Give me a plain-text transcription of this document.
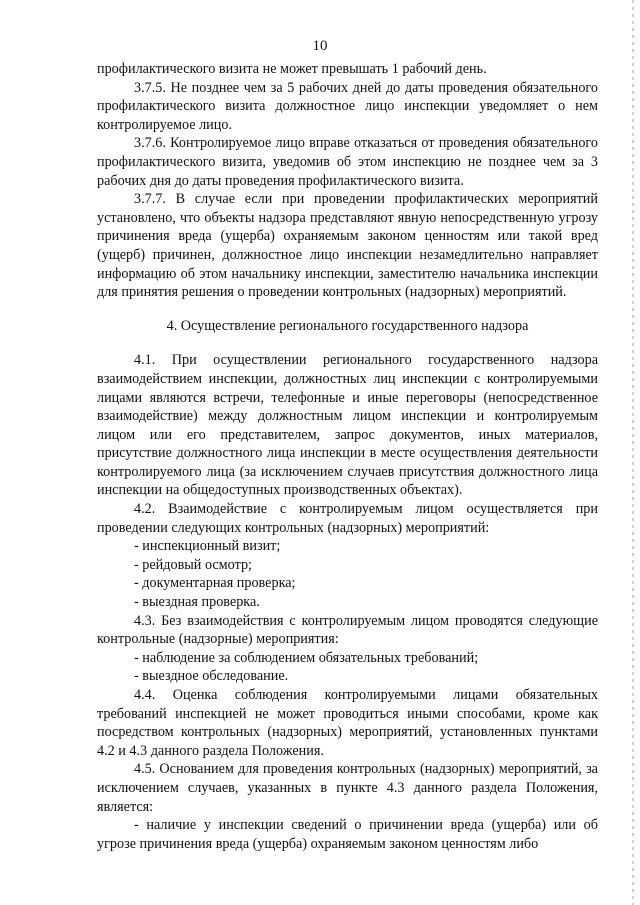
10

профилактического визита не может превышать 1 рабочий день.

3.7.5. Не позднее чем за 5 рабочих дней до даты проведения обязательного профилактического визита должностное лицо инспекции уведомляет о нем контролируемое лицо.

3.7.6. Контролируемое лицо вправе отказаться от проведения обязательного профилактического визита, уведомив об этом инспекцию не позднее чем за 3 рабочих дня до даты проведения профилактического визита.

3.7.7. В случае если при проведении профилактических мероприятий установлено, что объекты надзора представляют явную непосредственную угрозу причинения вреда (ущерба) охраняемым законом ценностям или такой вред (ущерб) причинен, должностное лицо инспекции незамедлительно направляет информацию об этом начальнику инспекции, заместителю начальника инспекции для принятия решения о проведении контрольных (надзорных) мероприятий.

4. Осуществление регионального государственного надзора

4.1. При осуществлении регионального государственного надзора взаимодействием инспекции, должностных лиц инспекции с контролируемыми лицами являются встречи, телефонные и иные переговоры (непосредственное взаимодействие) между должностным лицом инспекции и контролируемым лицом или его представителем, запрос документов, иных материалов, присутствие должностного лица инспекции в месте осуществления деятельности контролируемого лица (за исключением случаев присутствия должностного лица инспекции на общедоступных производственных объектах).

4.2. Взаимодействие с контролируемым лицом осуществляется при проведении следующих контрольных (надзорных) мероприятий:

- инспекционный визит;

- рейдовый осмотр;

- документарная проверка;

- выездная проверка.

4.3. Без взаимодействия с контролируемым лицом проводятся следующие контрольные (надзорные) мероприятия:

- наблюдение за соблюдением обязательных требований;

- выездное обследование.

4.4. Оценка соблюдения контролируемыми лицами обязательных требований инспекцией не может проводиться иными способами, кроме как посредством контрольных (надзорных) мероприятий, установленных пунктами 4.2 и 4.3 данного раздела Положения.

4.5. Основанием для проведения контрольных (надзорных) мероприятий, за исключением случаев, указанных в пункте 4.3 данного раздела Положения, является:

- наличие у инспекции сведений о причинении вреда (ущерба) или об угрозе причинения вреда (ущерба) охраняемым законом ценностям либо
